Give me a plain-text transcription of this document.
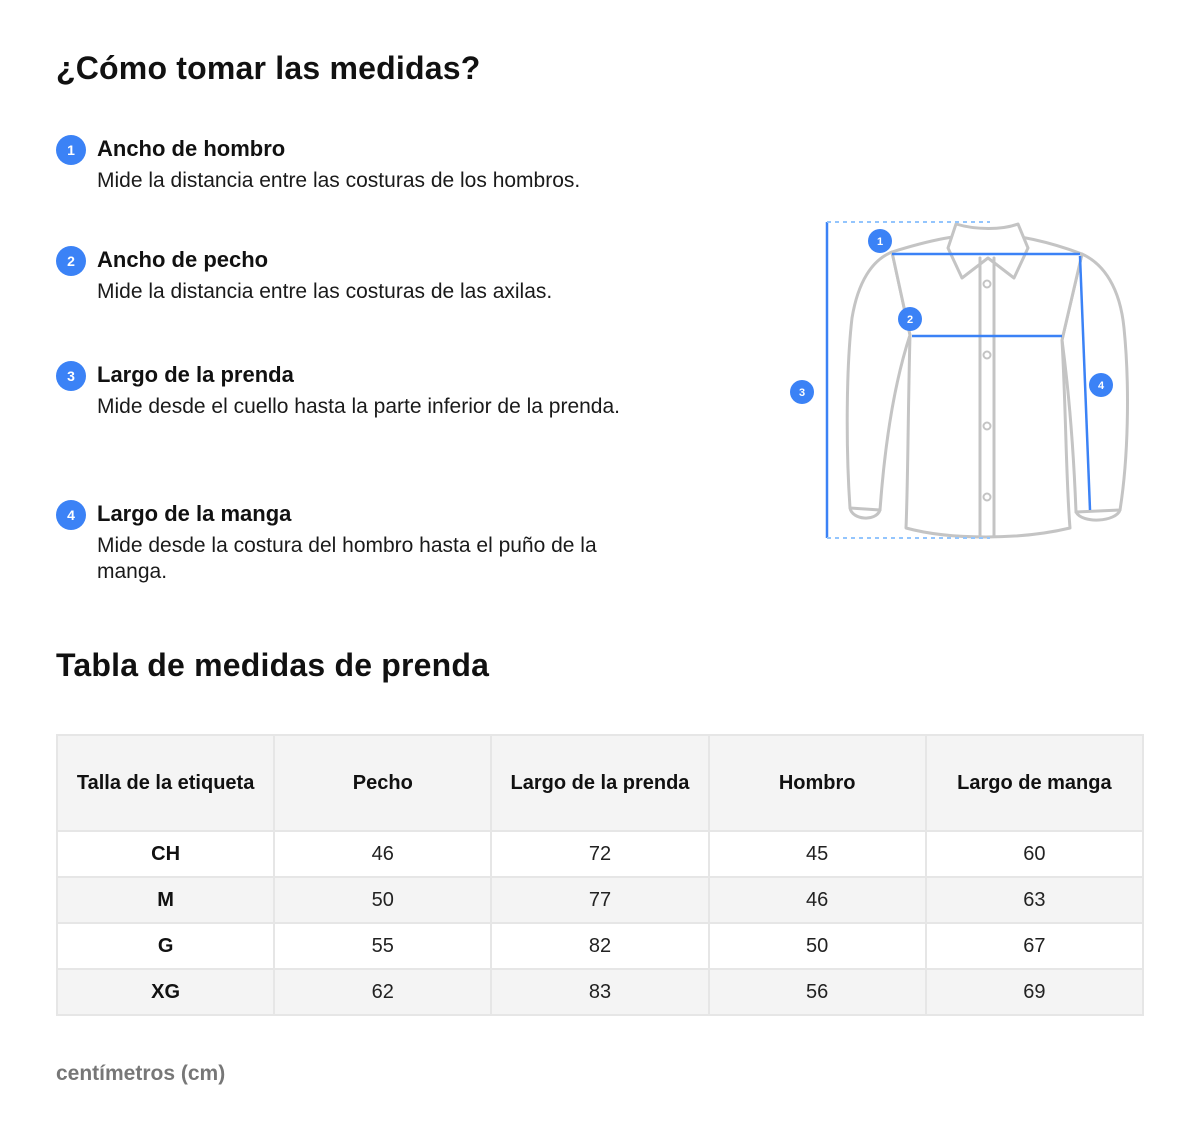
¿Cómo tomar las medidas?
1	Ancho de hombro
Mide la distancia entre las costuras de los hombros.
2	Ancho de pecho
Mide la distancia entre las costuras de las axilas.
3	Largo de la prenda
Mide desde el cuello hasta la parte inferior de la prenda.
4	Largo de la manga
Mide desde la costura del hombro hasta el puño de la manga.
1
2
3
4
Tabla de medidas de prenda
Talla de la etiqueta	Pecho	Largo de la prenda	Hombro	Largo de manga
CH	46	72	45	60
M	50	77	46	63
G	55	82	50	67
XG	62	83	56	69
centímetros (cm)
